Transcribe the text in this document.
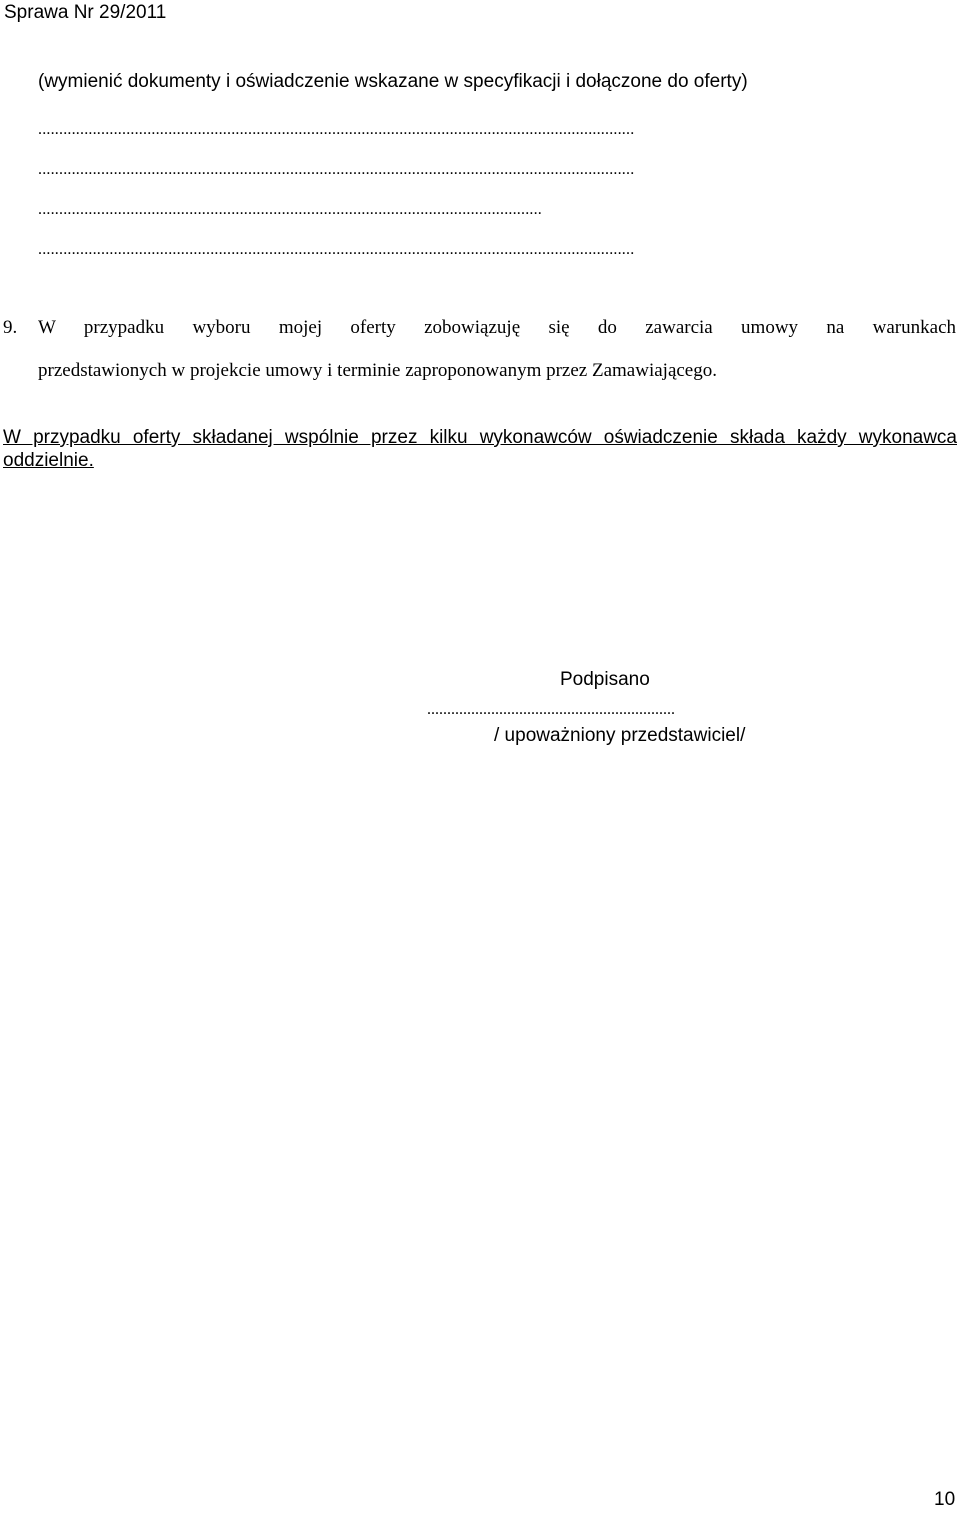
Sprawa Nr 29/2011
(wymienić dokumenty i oświadczenie wskazane w specyfikacji i dołączone do oferty)
..............................................................................................................................................
..............................................................................................................................................
........................................................................................................................
..............................................................................................................................................
9. W przypadku wyboru mojej oferty zobowiązuję się do zawarcia umowy na warunkach
przedstawionych w projekcie umowy i terminie zaproponowanym przez Zamawiającego.
W przypadku oferty składanej wspólnie przez kilku wykonawców oświadczenie składa każdy wykonawca oddzielnie.
Podpisano
..............................................................
/ upoważniony przedstawiciel/
10
